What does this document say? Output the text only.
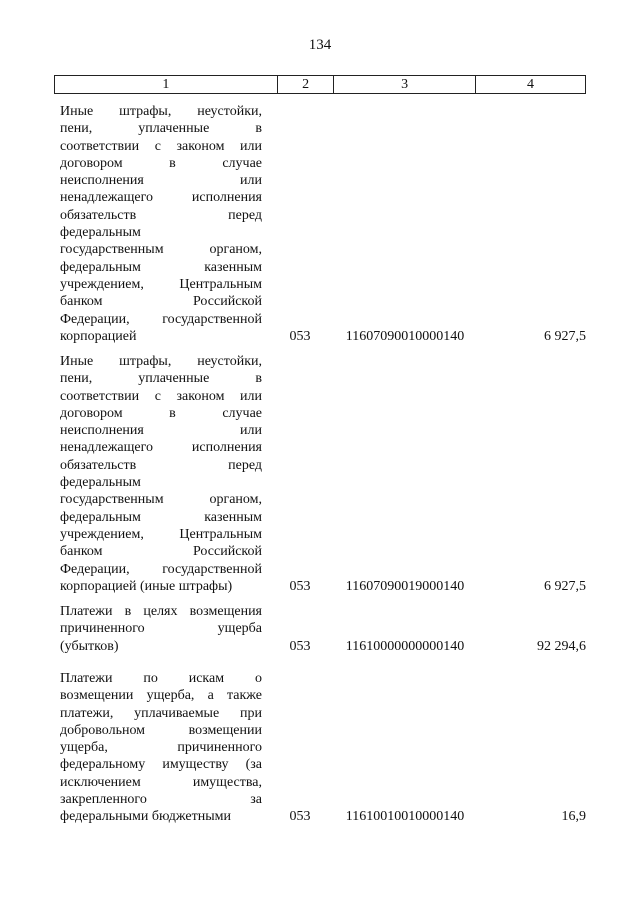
134
1	2	3	4
Иные штрафы, неустойки,
пени, уплаченные в
соответствии с законом или
договором в случае
неисполнения или
ненадлежащего исполнения
обязательств перед
федеральным
государственным органом,
федеральным казенным
учреждением, Центральным
банком Российской
Федерации, государственной
корпорацией	053	11607090010000140	6 927,5
Иные штрафы, неустойки,
пени, уплаченные в
соответствии с законом или
договором в случае
неисполнения или
ненадлежащего исполнения
обязательств перед
федеральным
государственным органом,
федеральным казенным
учреждением, Центральным
банком Российской
Федерации, государственной
корпорацией (иные штрафы)	053	11607090019000140	6 927,5
Платежи в целях возмещения
причиненного ущерба
(убытков)	053	11610000000000140	92 294,6
Платежи по искам о
возмещении ущерба, а также
платежи, уплачиваемые при
добровольном возмещении
ущерба, причиненного
федеральному имуществу (за
исключением имущества,
закрепленного за
федеральными бюджетными	053	11610010010000140	16,9
